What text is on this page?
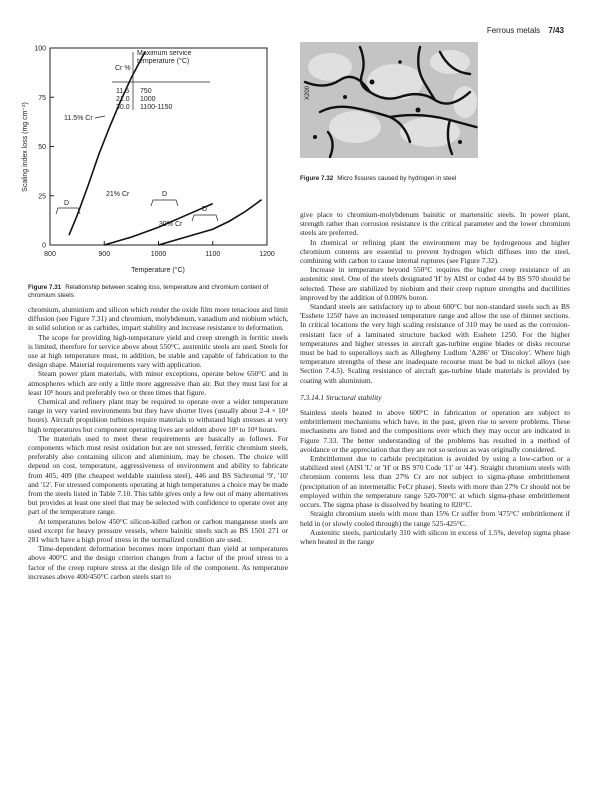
Ferrous metals 7/43
800	900	1000	1100	1200
0
25
50
75
100
Scaling index loss (mg cm⁻²)
Temperature (°C)
Cr %
Maximum service temperature (°C)
11.5 750
21.0 1000
30.0 1100-1150
11.5% Cr
21% Cr
30% Cr
D
D
D
Figure 7.31 Relationship between scaling loss, temperature and chromium content of chromium steels
X200
Figure 7.32 Micro fissures caused by hydrogen in steel

chromium, aluminium and silicon which render the oxide film more tenacious and limit diffusion (see Figure 7.31) and chromium, molybdenum, vanadium and niobium which, in solid solution or as carbides, impart stability and increase resistance to deformation.

The scope for providing high-temperature yield and creep strength in ferritic steels is limited, therefore for service above about 550°C, austenitic steels are used. Steels for use at high temperature must, in addition, be stable and capable of fabrication to the design shape. Material requirements vary with application.

Steam power plant materials, with minor exceptions, operate below 650°C and in atmospheres which are only a little more aggressive than air. But they must last for at least 10⁵ hours and preferably two or three times that figure.

Chemical and refinery plant may be required to operate over a wider temperature range in very varied environments but they have shorter lives (usually about 2-4 × 10⁴ hours). Aircraft propulsion turbines require materials to withstand high stresses at very high temperatures but component operating lives are seldom above 10³ to 10⁴ hours.

The materials used to meet these requirements are basically as follows. For components which must resist oxidation but are not stressed, ferritic chromium steels, preferably also containing silicon and aluminium, may be chosen. The choice will depend on cost, temperature, aggressiveness of environment and ability to fabricate from 405, 409 (the cheapest weldable stainless steel), 446 and BS Sichromal '9', '10' and '12'. For stressed components operating at high temperatures a choice may be made from the steels listed in Table 7.10. This table gives only a few out of many alternatives but provides at least one steel that may be selected with confidence to operate over any part of the temperature range.

At temperatures below 450°C silicon-killed carbon or carbon manganese steels are used except for heavy pressure vessels, where bainitic steels such as BS 1501 271 or 281 which have a high proof stress in the normalized condition are used.

Time-dependent deformation becomes more important than yield at temperatures above 400°C and the design criterion changes from a factor of the proof stress to a factor of the creep rupture stress at the design life of the component. As temperature increases above 400/450°C carbon steels start to

give place to chromium-molybdenum bainitic or martensitic steels. In power plant, strength rather than corrosion resistance is the critical parameter and the lower chromium steels are preferred.

In chemical or refining plant the environment may be hydrogenous and higher chromium contents are essential to prevent hydrogen which diffuses into the steel, combining with carbon to cause internal ruptures (see Figure 7.32).

Increase in temperature beyond 550°C requires the higher creep resistance of an austenitic steel. One of the steels designated 'H' by AISI or coded 44 by BS 970 should be selected. These are stabilized by niobium and their creep rupture strengths and ductilities improved by the addition of 0.006% boron.

Standard steels are satisfactory up to about 600°C but non-standard steels such as BS 'Esshete 1250' have an increased temperature range and allow the use of thinner sections. In critical locations the very high scaling resistance of 310 may be used as the corrosion-resistant face of a laminated structure backed with Esshete 1250. For the higher temperatures and higher stresses in aircraft gas-turbine engine blades or disks recourse must be had to superalloys such as Allegheny Ludlum 'A286' or 'Discoloy'. Where high temperature strengths of these are inadequate recourse must be had to nickel alloys (see Section 7.4.5). Scaling resistance of aircraft gas-turbine blade materials is provided by coating with aluminium.

7.3.14.1 Structural stability

Stainless steels heated to above 600°C in fabrication or operation are subject to embrittlement mechanisms which have, in the past, given rise to severe problems. These mechanisms are listed and the compositions over which they may occur are indicated in Figure 7.33. The better understanding of the problems has resulted in a method of avoidance or the appreciation that they are not so serious as was originally considered.

Embrittlement due to carbide precipitation is avoided by using a low-carbon or a stabilized steel (AISI 'L' or 'H' or BS 970 Code '11' or '44'). Straight chromium steels with chromium contents less than 27% Cr are not subject to sigma-phase embrittlement (precipitation of an intermetallic FeCr phase). Steels with more than 27% Cr should not be employed within the temperature range 520-700°C at which sigma-phase embrittlement occurs. The sigma phase is dissolved by heating to 820°C.

Straight chromium steels with more than 15% Cr suffer from '475°C' embrittlement if held in (or slowly cooled through) the range 525-425°C.

Austenitic steels, particularly 310 with silicon in excess of 1.5%, develop sigma phase when heated in the range
